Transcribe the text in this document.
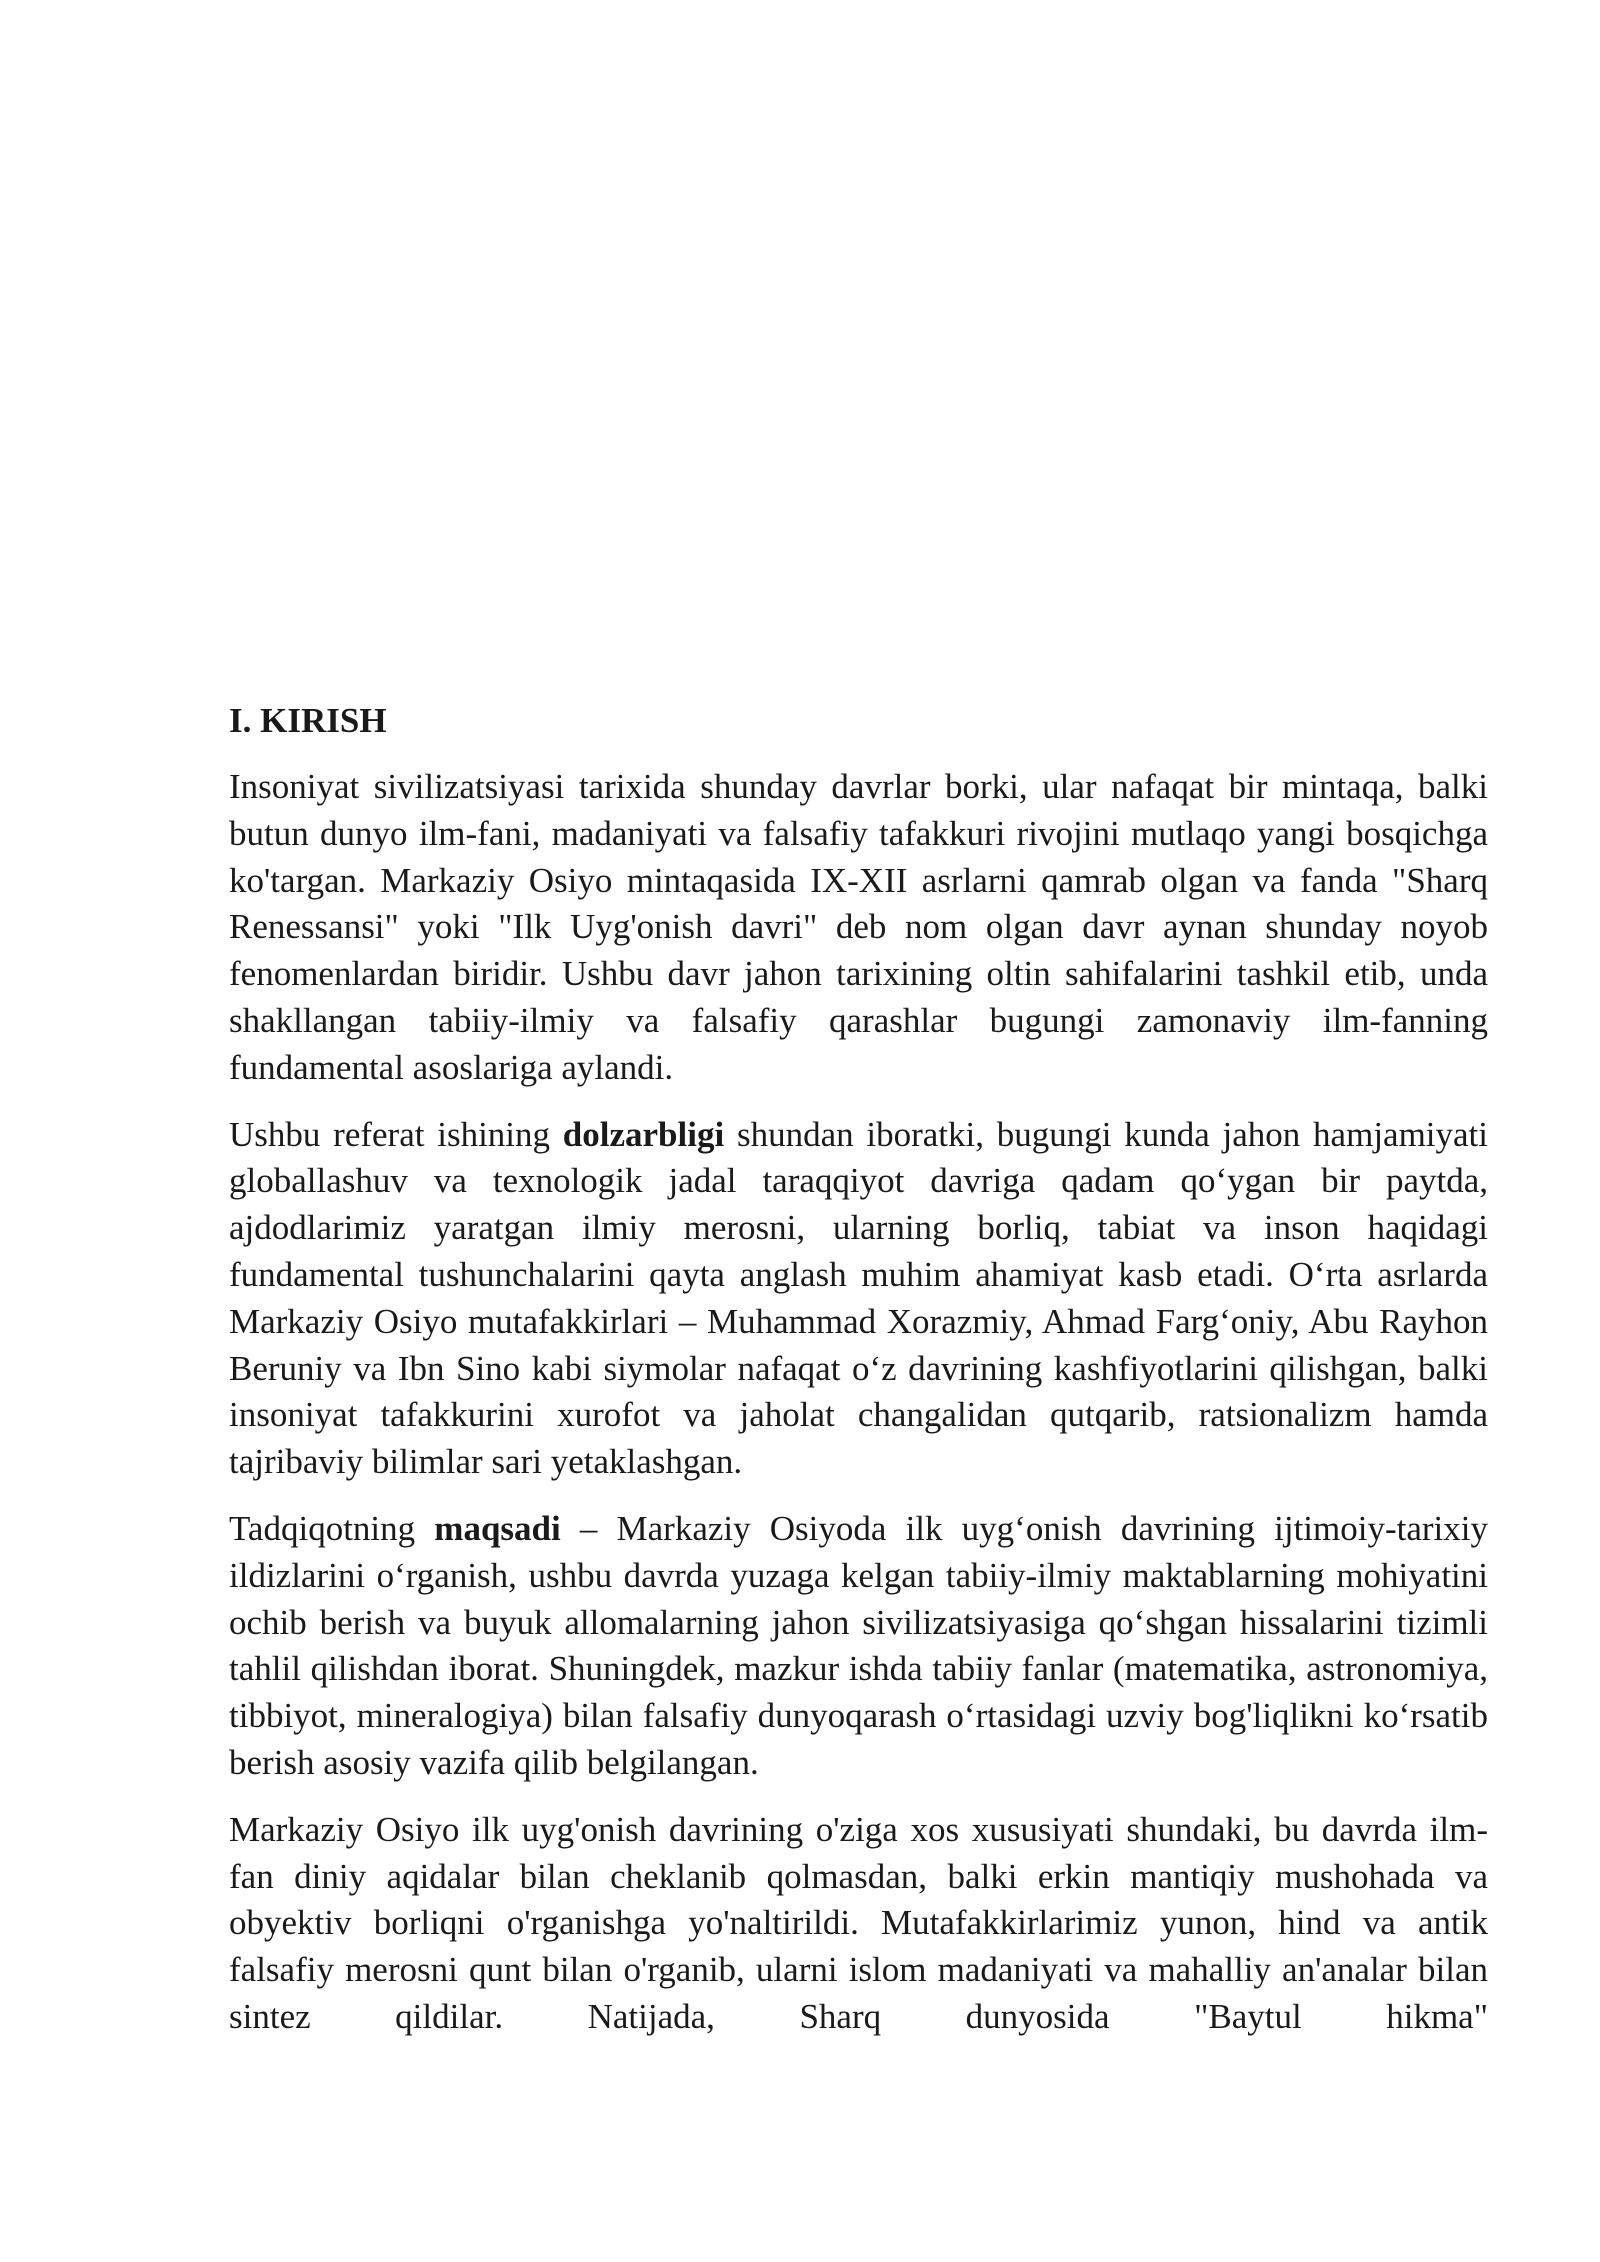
I. KIRISH

Insoniyat sivilizatsiyasi tarixida shunday davrlar borki, ular nafaqat bir mintaqa, balki butun dunyo ilm-fani, madaniyati va falsafiy tafakkuri rivojini mutlaqo yangi bosqichga ko'targan. Markaziy Osiyo mintaqasida IX-XII asrlarni qamrab olgan va fanda "Sharq Renessansi" yoki "Ilk Uyg'onish davri" deb nom olgan davr aynan shunday noyob fenomenlardan biridir. Ushbu davr jahon tarixining oltin sahifalarini tashkil etib, unda shakllangan tabiiy-ilmiy va falsafiy qarashlar bugungi zamonaviy ilm-fanning fundamental asoslariga aylandi.

Ushbu referat ishining dolzarbligi shundan iboratki, bugungi kunda jahon hamjamiyati globallashuv va texnologik jadal taraqqiyot davriga qadam qo‘ygan bir paytda, ajdodlarimiz yaratgan ilmiy merosni, ularning borliq, tabiat va inson haqidagi fundamental tushunchalarini qayta anglash muhim ahamiyat kasb etadi. O‘rta asrlarda Markaziy Osiyo mutafakkirlari – Muhammad Xorazmiy, Ahmad Farg‘oniy, Abu Rayhon Beruniy va Ibn Sino kabi siymolar nafaqat o‘z davrining kashfiyotlarini qilishgan, balki insoniyat tafakkurini xurofot va jaholat changalidan qutqarib, ratsionalizm hamda tajribaviy bilimlar sari yetaklashgan.

Tadqiqotning maqsadi – Markaziy Osiyoda ilk uyg‘onish davrining ijtimoiy-tarixiy ildizlarini o‘rganish, ushbu davrda yuzaga kelgan tabiiy-ilmiy maktablarning mohiyatini ochib berish va buyuk allomalarning jahon sivilizatsiyasiga qo‘shgan hissalarini tizimli tahlil qilishdan iborat. Shuningdek, mazkur ishda tabiiy fanlar (matematika, astronomiya, tibbiyot, mineralogiya) bilan falsafiy dunyoqarash o‘rtasidagi uzviy bog'liqlikni ko‘rsatib berish asosiy vazifa qilib belgilangan.

Markaziy Osiyo ilk uyg'onish davrining o'ziga xos xususiyati shundaki, bu davrda ilm-fan diniy aqidalar bilan cheklanib qolmasdan, balki erkin mantiqiy mushohada va obyektiv borliqni o'rganishga yo'naltirildi. Mutafakkirlarimiz yunon, hind va antik falsafiy merosni qunt bilan o'rganib, ularni islom madaniyati va mahalliy an'analar bilan sintez qildilar. Natijada, Sharq dunyosida "Baytul hikma"
